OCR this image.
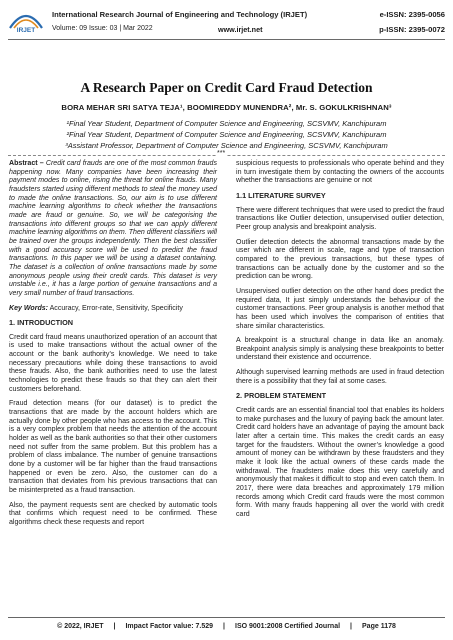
IRJET
International Research Journal of Engineering and Technology (IRJET)	e-ISSN: 2395-0056
Volume: 09 Issue: 03 | Mar 2022	www.irjet.net	p-ISSN: 2395-0072
A Research Paper on Credit Card Fraud Detection
BORA MEHAR SRI SATYA TEJA¹, BOOMIREDDY MUNENDRA², Mr. S. GOKULKRISHNAN³
¹Final Year Student, Department of Computer Science and Engineering, SCSVMV, Kanchipuram
²Final Year Student, Department of Computer Science and Engineering, SCSVMV, Kanchipuram
³Assistant Professor, Department of Computer Science and Engineering, SCSVMV, Kanchipuram
***

Abstract – Credit card frauds are one of the most common frauds happening now. Many companies have been increasing their payment modes to online, rising the threat for online frauds. Many fraudsters started using different methods to steal the money used to made the online transactions. So, our aim is to use different machine learning algorithms to check whether the transactions made are fraud or genuine. So, we will be categorising the transactions into different groups so that we can apply different machine learning algorithms on them. Then different classifiers will be trained over the groups independently. Then the best classifier with a good accuracy score will be used to predict the fraud transactions. In this paper we will be using a dataset containing. The dataset is a collection of online transactions made by some anonymous people using their credit cards. This dataset is very unstable i.e., it has a large portion of genuine transactions and a very small number of fraud transactions.

Key Words: Accuracy, Error-rate, Sensitivity, Specificity

1. INTRODUCTION

Credit card fraud means unauthorized operation of an account that is used to make transactions without the actual owner of the account or the bank authority’s knowledge. We need to take necessary precautions while doing these transactions to avoid these frauds. Also, the bank authorities need to use the latest technologies to predict these frauds so that they can alert their customers beforehand.

Fraud detection means (for our dataset) is to predict the transactions that are made by the account holders which are actually done by other people who has access to the account. This is a very complex problem that needs the attention of the account holder as well as the bank authorities so that their other customers need not suffer from the same problem. But this problem has a problem of class imbalance. The number of genuine transactions done by a customer will be far higher than the fraud transactions happened or even be zero. Also, the customer can do a transaction that deviates from his previous transactions that can be misinterpreted as a fraud transaction.

Also, the payment requests sent are checked by automatic tools that confirms which request need to be confirmed. These algorithms check these requests and report

suspicious requests to professionals who operate behind and they in turn investigate them by contacting the owners of the accounts whether the transactions are genuine or not

1.1 LITERATURE SURVEY

There were different techniques that were used to predict the fraud transactions like Outlier detection, unsupervised outlier detection, Peer group analysis and breakpoint analysis.

Outlier detection detects the abnormal transactions made by the user which are different in scale, rage and type of transaction compared to the previous transactions, but these types of transactions can be actually done by the customer and so the prediction can be wrong.

Unsupervised outlier detection on the other hand does predict the required data, It just simply understands the behaviour of the customer transactions. Peer group analysis is another method that has been used which involves the comparison of entities that share similar characteristics.

A breakpoint is a structural change in data like an anomaly. Breakpoint analysis simply is analysing these breakpoints to better understand their existence and occurrence.

Although supervised learning methods are used in fraud detection there is a possibility that they fail at some cases.

2. PROBLEM STATEMENT

Credit cards are an essential financial tool that enables its holders to make purchases and the luxury of paying back the amount later. Credit card holders have an advantage of paying the amount back later after a certain time. This makes the credit cards an easy target for the fraudsters. Without the owner’s knowledge a good amount of money can be withdrawn by these fraudsters and they make it look like the actual owners of these cards made the withdrawal. The fraudsters make does this very carefully and anonymously that makes it difficult to stop and even catch them. In 2017, there were data breaches and approximately 179 million records among which Credit card frauds were the most common form. With many frauds happening all over the world with credit card

© 2022, IRJET | Impact Factor value: 7.529 | ISO 9001:2008 Certified Journal | Page 1178
